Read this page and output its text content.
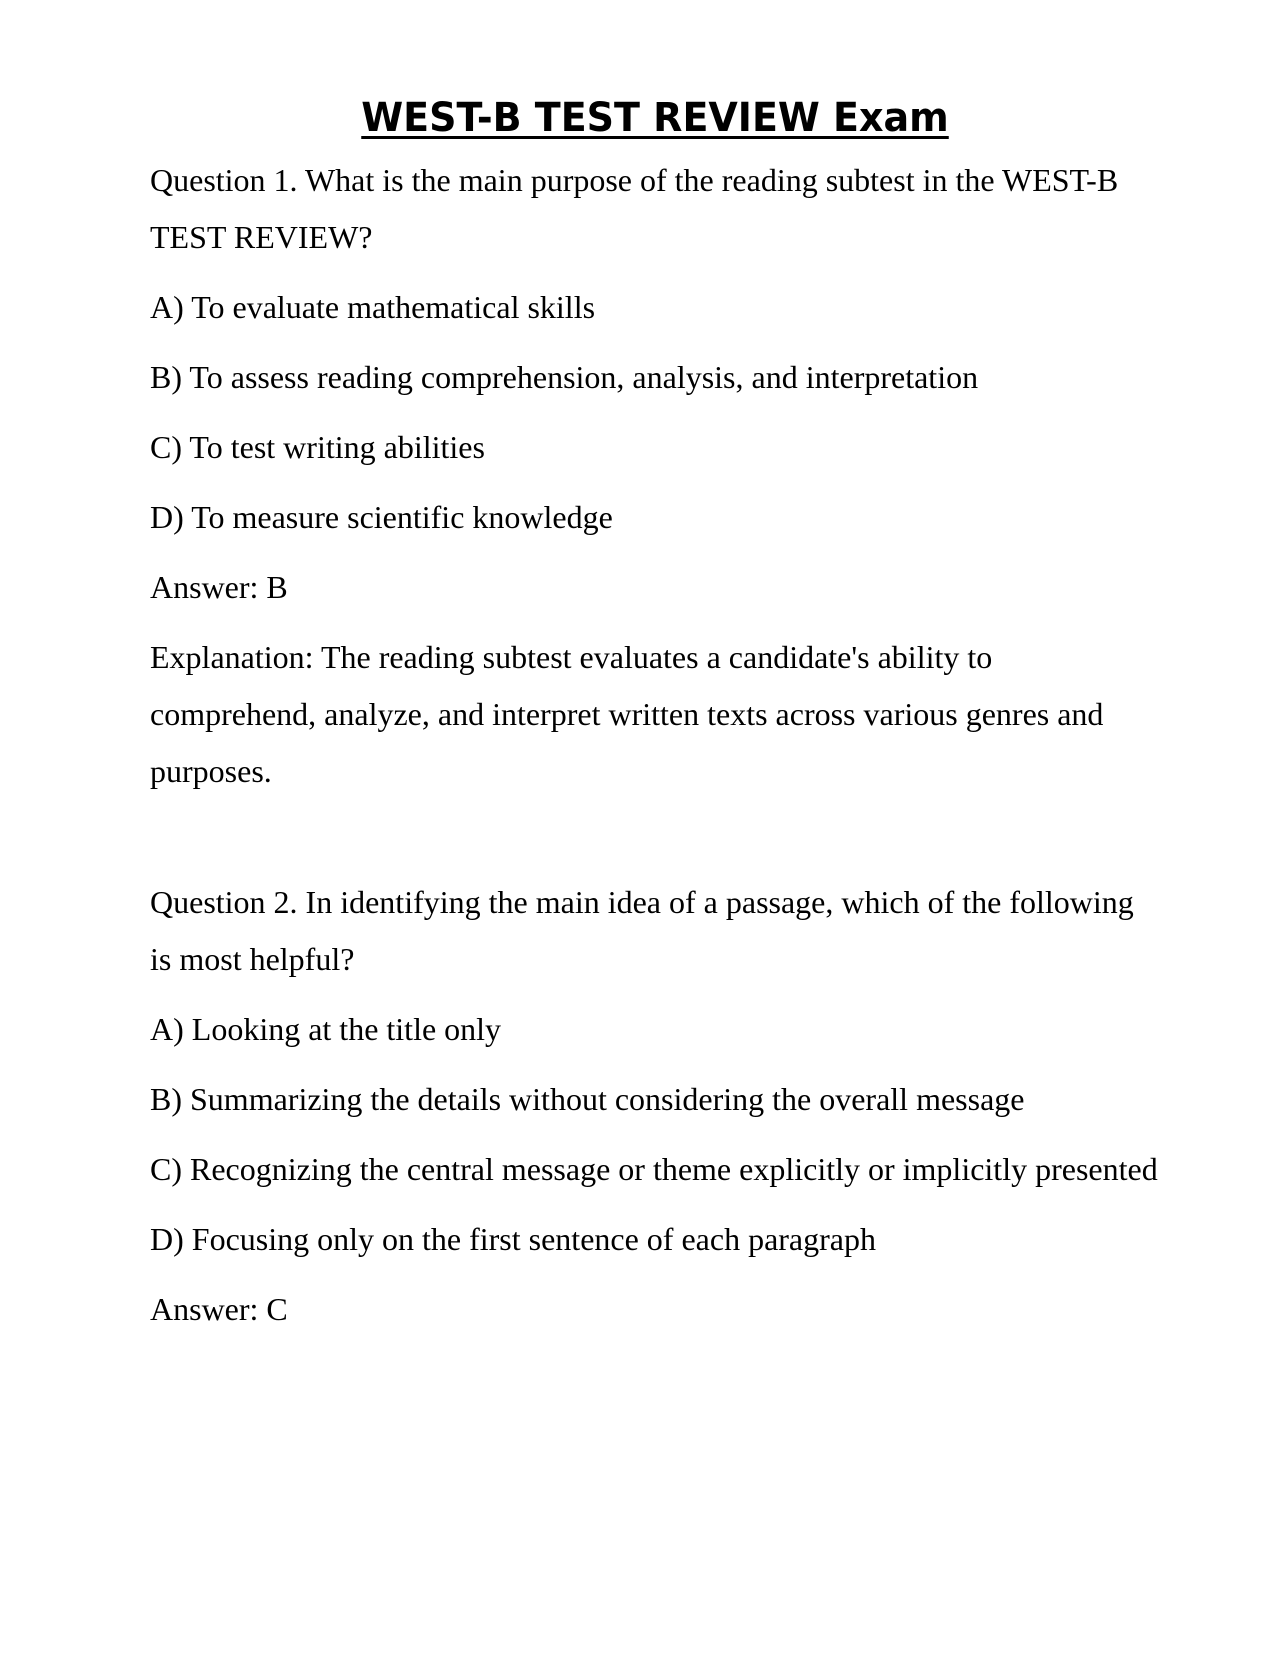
WEST-B TEST REVIEW Exam

Question 1. What is the main purpose of the reading subtest in the WEST-B TEST REVIEW?

A) To evaluate mathematical skills

B) To assess reading comprehension, analysis, and interpretation

C) To test writing abilities

D) To measure scientific knowledge

Answer: B

Explanation: The reading subtest evaluates a candidate's ability to comprehend, analyze, and interpret written texts across various genres and purposes.

Question 2. In identifying the main idea of a passage, which of the following is most helpful?

A) Looking at the title only

B) Summarizing the details without considering the overall message

C) Recognizing the central message or theme explicitly or implicitly presented

D) Focusing only on the first sentence of each paragraph

Answer: C
